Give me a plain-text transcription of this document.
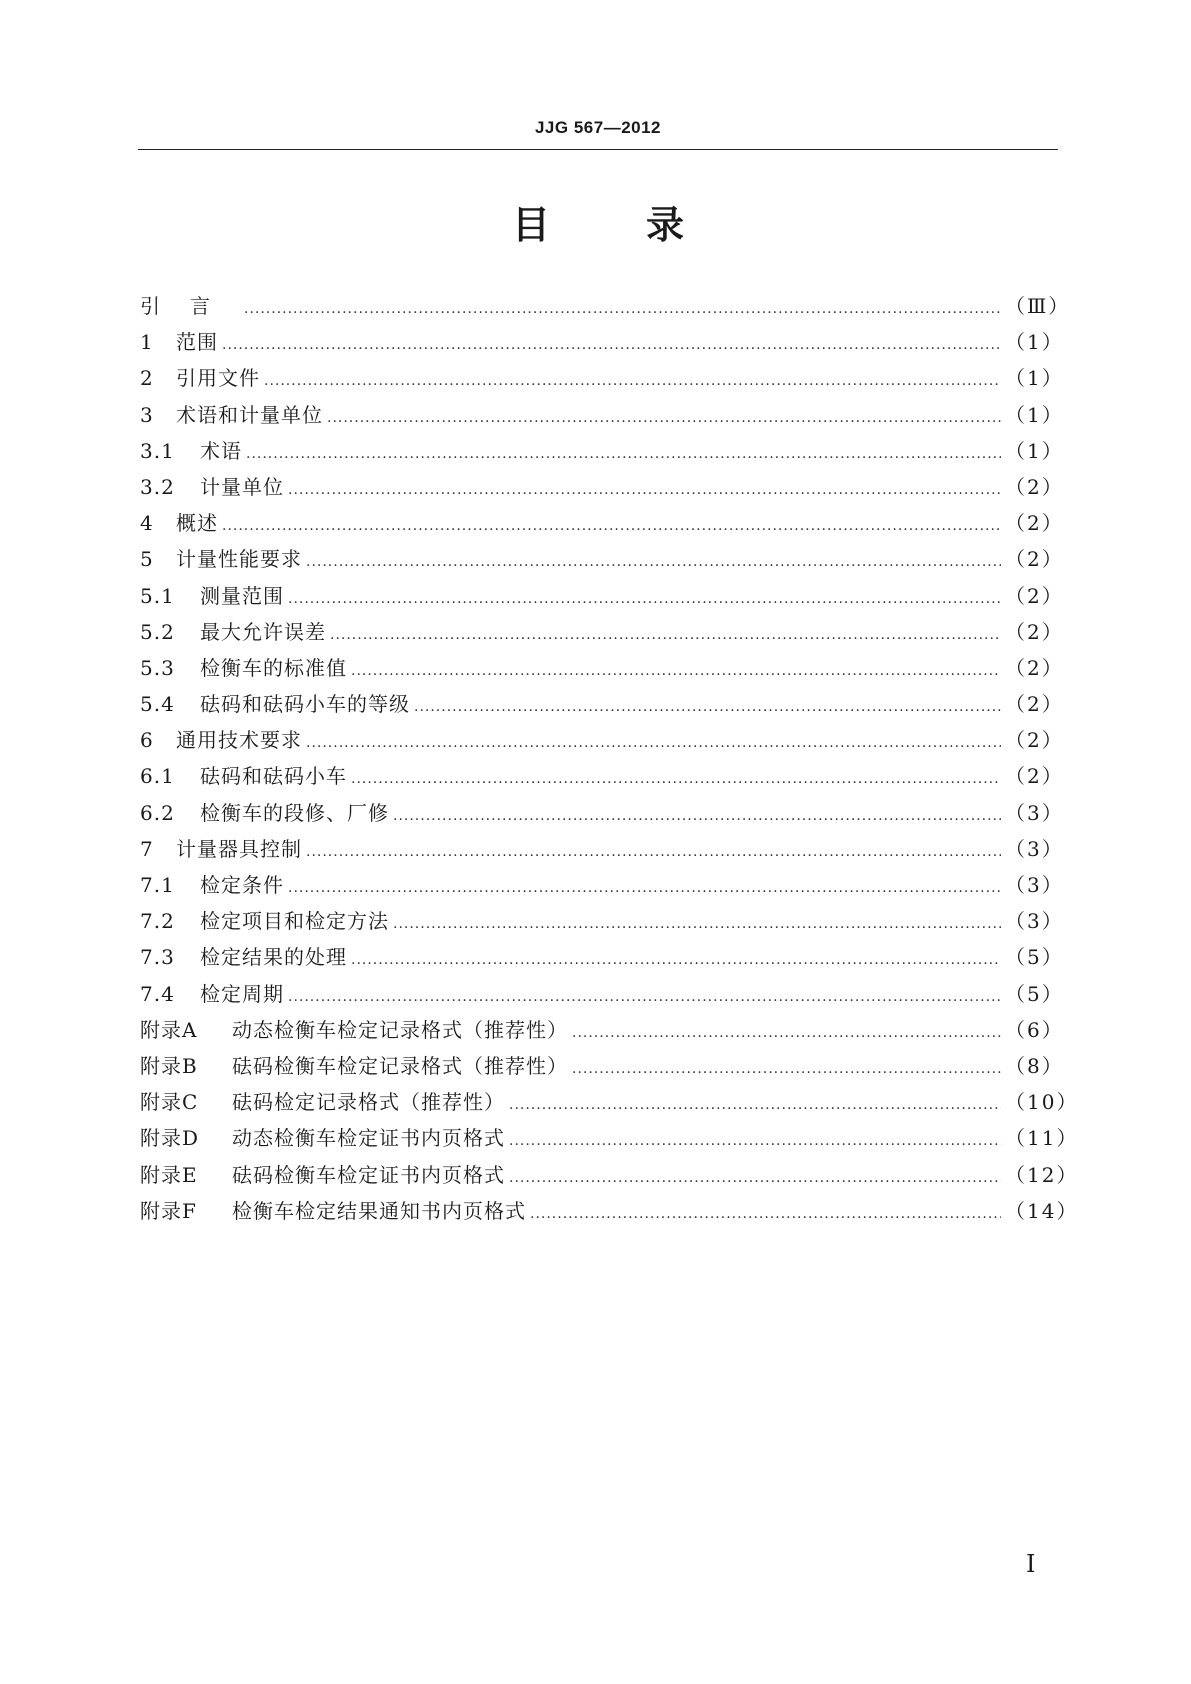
JJG 567—2012
目	录
引言 .....	（Ⅲ）
1	范围 .....	（1）
2	引用文件 .....	（1）
3	术语和计量单位 .....	（1）
3.1	术语 .....	（1）
3.2	计量单位 .....	（2）
4	概述 .....	（2）
5	计量性能要求 .....	（2）
5.1	测量范围 .....	（2）
5.2	最大允许误差 .....	（2）
5.3	检衡车的标准值 .....	（2）
5.4	砝码和砝码小车的等级 .....	（2）
6	通用技术要求 .....	（2）
6.1	砝码和砝码小车 .....	（2）
6.2	检衡车的段修、厂修 .....	（3）
7	计量器具控制 .....	（3）
7.1	检定条件 .....	（3）
7.2	检定项目和检定方法 .....	（3）
7.3	检定结果的处理 .....	（5）
7.4	检定周期 .....	（5）
附录A	动态检衡车检定记录格式（推荐性） .....	（6）
附录B	砝码检衡车检定记录格式（推荐性） .....	（8）
附录C	砝码检定记录格式（推荐性） .....	（10）
附录D	动态检衡车检定证书内页格式 .....	（11）
附录E	砝码检衡车检定证书内页格式 .....	（12）
附录F	检衡车检定结果通知书内页格式 .....	（14）
Ⅰ
